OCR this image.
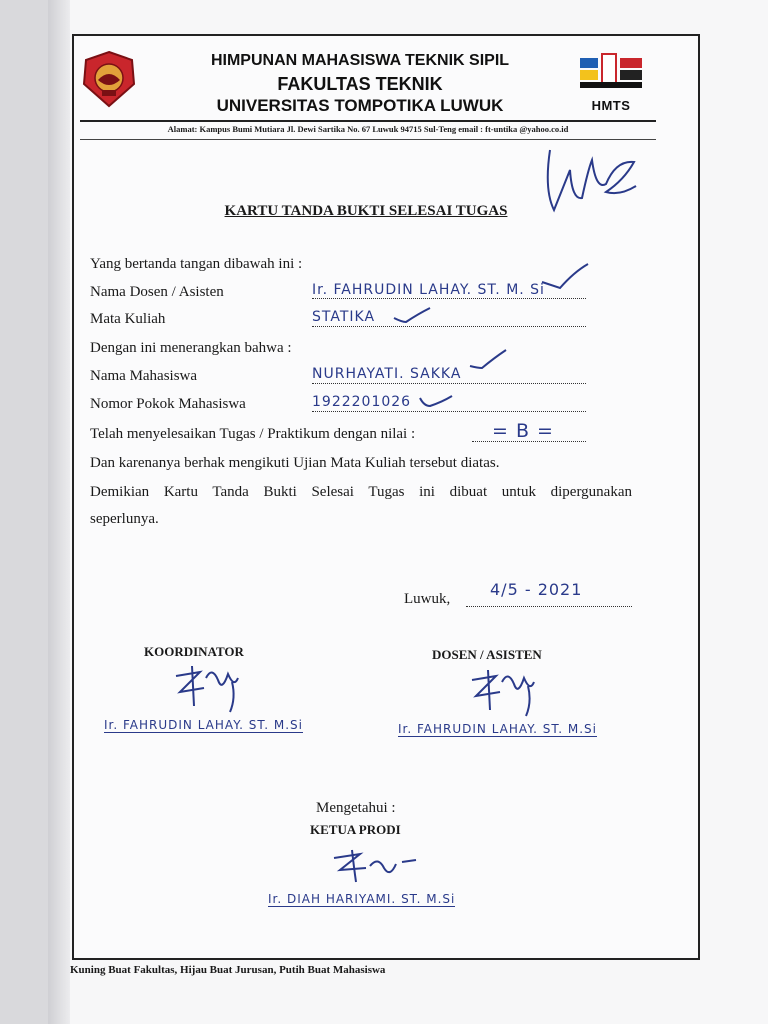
HIMPUNAN MAHASISWA TEKNIK SIPIL
FAKULTAS TEKNIK
UNIVERSITAS TOMPOTIKA LUWUK	HMTS
Alamat: Kampus Bumi Mutiara Jl. Dewi Sartika No. 67 Luwuk 94715 Sul-Teng email : ft-untika @yahoo.co.id
KARTU TANDA BUKTI SELESAI TUGAS
Yang bertanda tangan dibawah ini :
Nama Dosen / Asisten	Ir. FAHRUDIN LAHAY. ST. M. Si
Mata Kuliah	STATIKA
Dengan ini menerangkan bahwa :
Nama Mahasiswa	NURHAYATI. SAKKA
Nomor Pokok Mahasiswa	1922201026
Telah menyelesaikan Tugas / Praktikum dengan nilai :	= B =
Dan karenanya berhak mengikuti Ujian Mata Kuliah tersebut diatas.
Demikian Kartu Tanda Bukti Selesai Tugas ini dibuat untuk dipergunakan
seperlunya.
Luwuk, 4/5 - 2021
KOORDINATOR
Ir. FAHRUDIN LAHAY. ST. M.Si
DOSEN / ASISTEN
Ir. FAHRUDIN LAHAY. ST. M.Si
Mengetahui :
KETUA PRODI
Ir. DIAH HARIYAMI. ST. M.Si
Kuning Buat Fakultas, Hijau Buat Jurusan, Putih Buat Mahasiswa
